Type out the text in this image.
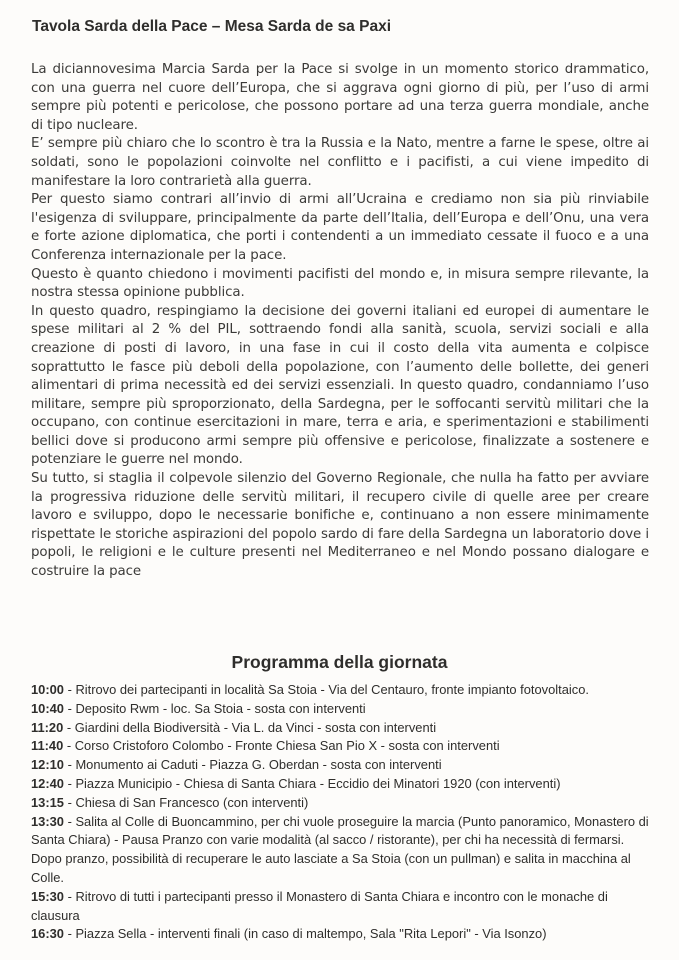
Tavola Sarda della Pace – Mesa Sarda de sa Paxi

La diciannovesima Marcia Sarda per la Pace si svolge in un momento storico drammatico, con una guerra nel cuore dell’Europa, che si aggrava ogni giorno di più, per l’uso di armi sempre più potenti e pericolose, che possono portare ad una terza guerra mondiale, anche di tipo nucleare.

E’ sempre più chiaro che lo scontro è tra la Russia e la Nato, mentre a farne le spese, oltre ai soldati, sono le popolazioni coinvolte nel conflitto e i pacifisti, a cui viene impedito di manifestare la loro contrarietà alla guerra.

Per questo siamo contrari all’invio di armi all’Ucraina e crediamo non sia più rinviabile l'esigenza di sviluppare, principalmente da parte dell’Italia, dell’Europa e dell’Onu, una vera e forte azione diplomatica, che porti i contendenti a un immediato cessate il fuoco e a una Conferenza internazionale per la pace.

Questo è quanto chiedono i movimenti pacifisti del mondo e, in misura sempre rilevante, la nostra stessa opinione pubblica.

In questo quadro, respingiamo la decisione dei governi italiani ed europei di aumentare le spese militari al 2 % del PIL, sottraendo fondi alla sanità, scuola, servizi sociali e alla creazione di posti di lavoro, in una fase in cui il costo della vita aumenta e colpisce soprattutto le fasce più deboli della popolazione, con l’aumento delle bollette, dei generi alimentari di prima necessità ed dei servizi essenziali. In questo quadro, condanniamo l’uso militare, sempre più sproporzionato, della Sardegna, per le soffocanti servitù militari che la occupano, con continue esercitazioni in mare, terra e aria, e sperimentazioni e stabilimenti bellici dove si producono armi sempre più offensive e pericolose, finalizzate a sostenere e potenziare le guerre nel mondo.

Su tutto, si staglia il colpevole silenzio del Governo Regionale, che nulla ha fatto per avviare la progressiva riduzione delle servitù militari, il recupero civile di quelle aree per creare lavoro e sviluppo, dopo le necessarie bonifiche e, continuano a non essere minimamente rispettate le storiche aspirazioni del popolo sardo di fare della Sardegna un laboratorio dove i popoli, le religioni e le culture presenti nel Mediterraneo e nel Mondo possano dialogare e costruire la pace

Programma della giornata

10:00 - Ritrovo dei partecipanti in località Sa Stoia - Via del Centauro, fronte impianto fotovoltaico.

10:40 - Deposito Rwm - loc. Sa Stoia - sosta con interventi

11:20 - Giardini della Biodiversità - Via L. da Vinci - sosta con interventi

11:40 - Corso Cristoforo Colombo - Fronte Chiesa San Pio X - sosta con interventi

12:10 - Monumento ai Caduti - Piazza G. Oberdan - sosta con interventi

12:40 - Piazza Municipio - Chiesa di Santa Chiara - Eccidio dei Minatori 1920 (con interventi)

13:15 - Chiesa di San Francesco (con interventi)

13:30 - Salita al Colle di Buoncammino, per chi vuole proseguire la marcia (Punto panoramico, Monastero di Santa Chiara) - Pausa Pranzo con varie modalità (al sacco / ristorante), per chi ha necessità di fermarsi. Dopo pranzo, possibilità di recuperare le auto lasciate a Sa Stoia (con un pullman) e salita in macchina al Colle.

15:30 - Ritrovo di tutti i partecipanti presso il Monastero di Santa Chiara e incontro con le monache di clausura

16:30 - Piazza Sella - interventi finali (in caso di maltempo, Sala "Rita Lepori" - Via Isonzo)
